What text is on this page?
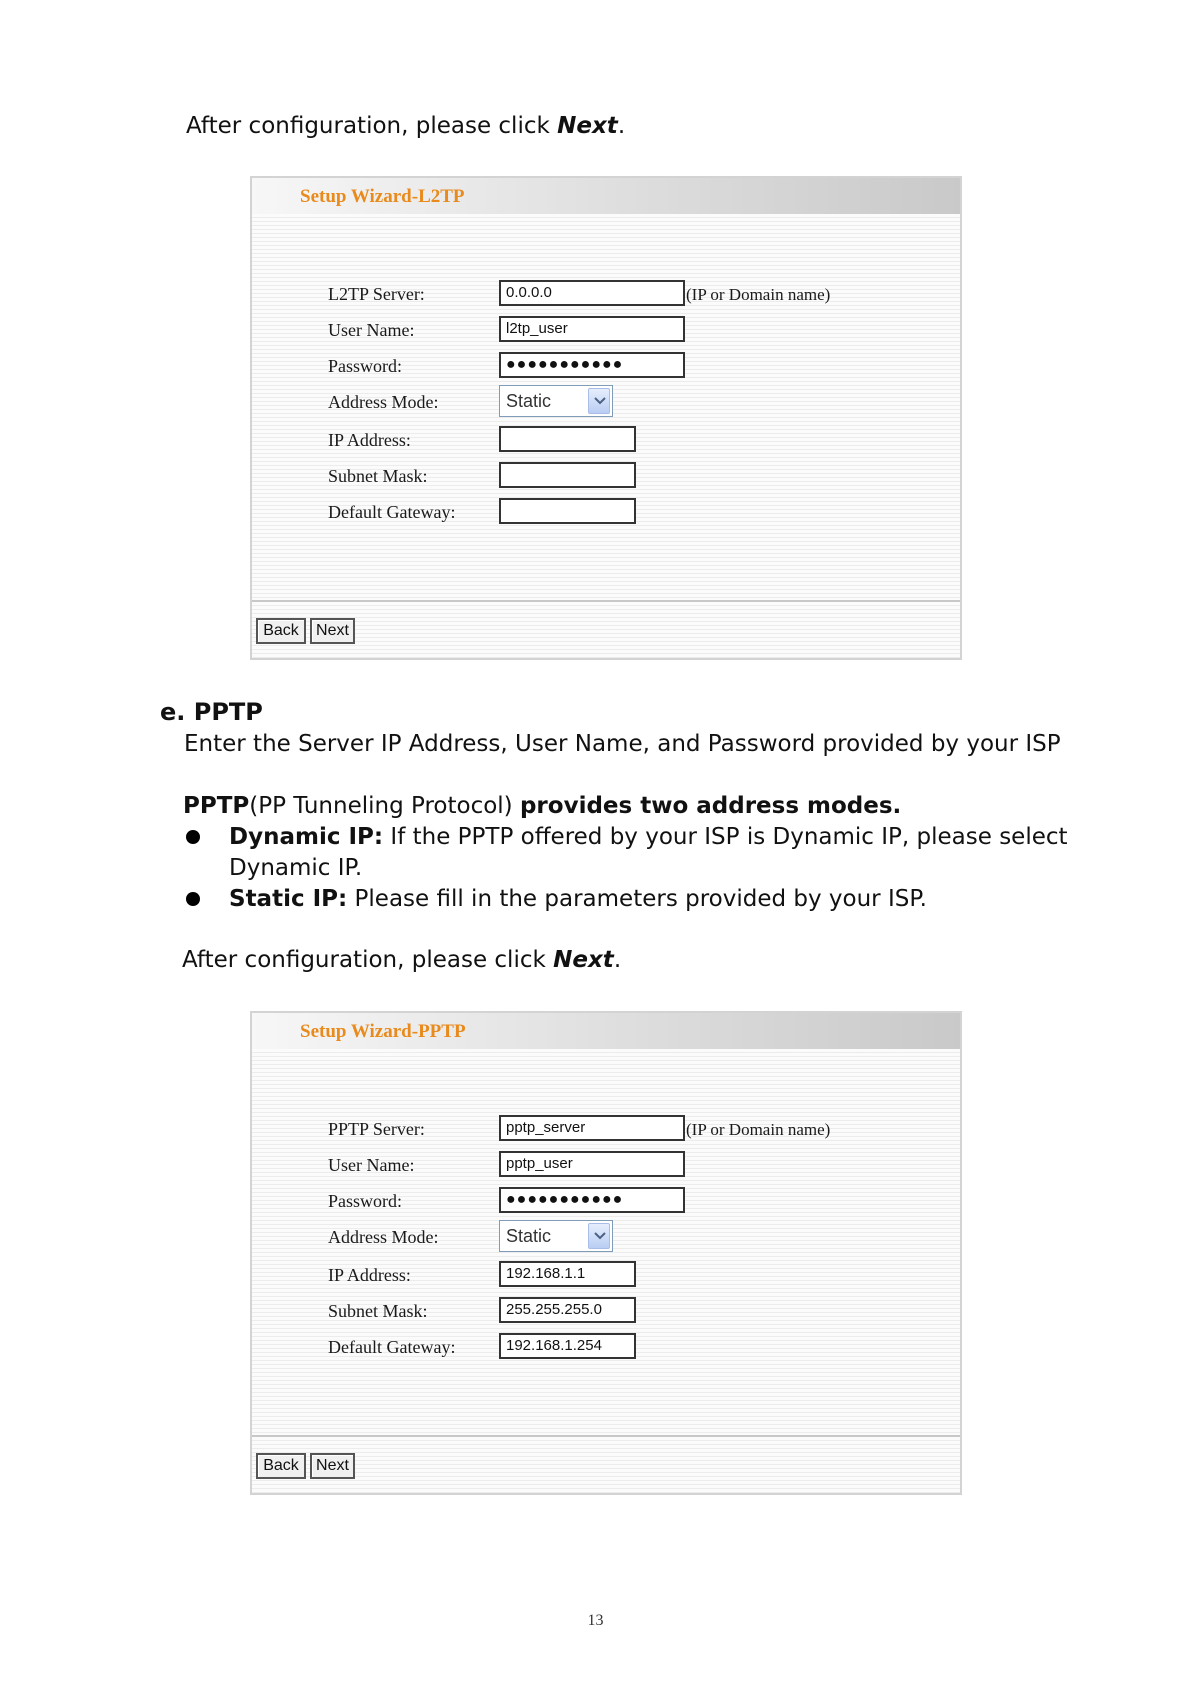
After configuration, please click Next.
Setup Wizard-L2TP
L2TP Server:	0.0.0.0	(IP or Domain name)
User Name:	l2tp_user
Password:	●●●●●●●●●●●
Address Mode:	Static
IP Address:
Subnet Mask:
Default Gateway:
Back	Next
e. PPTP
Enter the Server IP Address, User Name, and Password provided by your ISP
PPTP(PP Tunneling Protocol) provides two address modes.
Dynamic IP: If the PPTP offered by your ISP is Dynamic IP, please select
Dynamic IP.
Static IP: Please fill in the parameters provided by your ISP.
After configuration, please click Next.
Setup Wizard-PPTP
PPTP Server:	pptp_server	(IP or Domain name)
User Name:	pptp_user
Password:	●●●●●●●●●●●
Address Mode:	Static
IP Address:	192.168.1.1
Subnet Mask:	255.255.255.0
Default Gateway:	192.168.1.254
Back	Next
13
